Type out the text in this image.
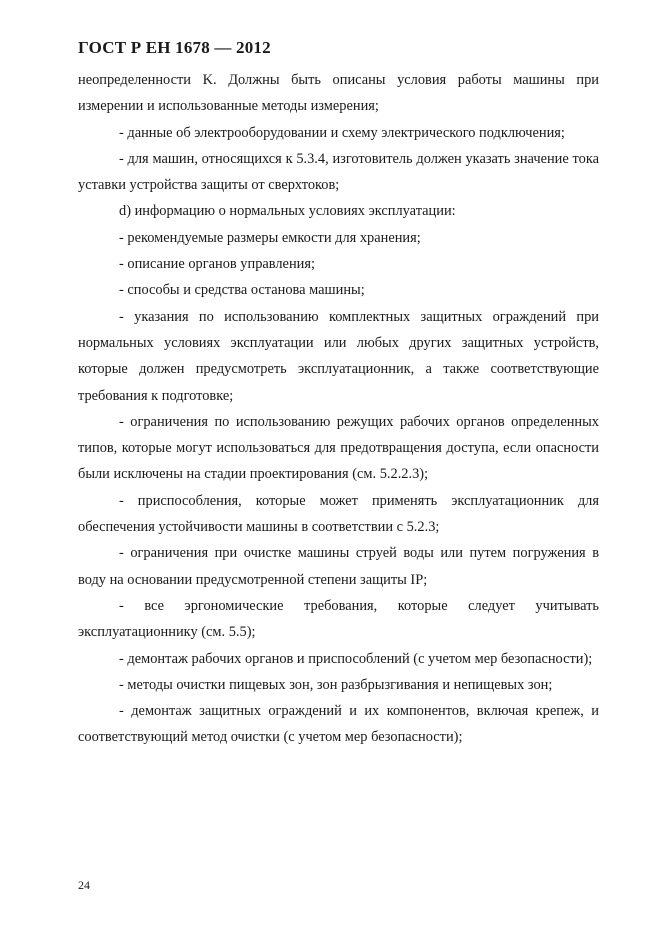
ГОСТ Р ЕН 1678 — 2012

неопределенности K. Должны быть описаны условия работы машины при измерении и использованные методы измерения;

- данные об электрооборудовании и схему электрического подключения;

- для машин, относящихся к 5.3.4, изготовитель должен указать значение тока уставки устройства защиты от сверхтоков;

d) информацию о нормальных условиях эксплуатации:

- рекомендуемые размеры емкости для хранения;

- описание органов управления;

- способы и средства останова машины;

- указания по использованию комплектных защитных ограждений при нормальных условиях эксплуатации или любых других защитных устройств, которые должен предусмотреть эксплуатационник, а также соответствующие требования к подготовке;

- ограничения по использованию режущих рабочих органов определенных типов, которые могут использоваться для предотвращения доступа, если опасности были исключены на стадии проектирования (см. 5.2.2.3);

- приспособления, которые может применять эксплуатационник для обеспечения устойчивости машины в соответствии с 5.2.3;

- ограничения при очистке машины струей воды или путем погружения в воду на основании предусмотренной степени защиты IP;

- все эргономические требования, которые следует учитывать эксплуатационнику (см. 5.5);

- демонтаж рабочих органов и приспособлений (с учетом мер безопасности);

- методы очистки пищевых зон, зон разбрызгивания и непищевых зон;

- демонтаж защитных ограждений и их компонентов, включая крепеж, и соответствующий метод очистки (с учетом мер безопасности);

24
